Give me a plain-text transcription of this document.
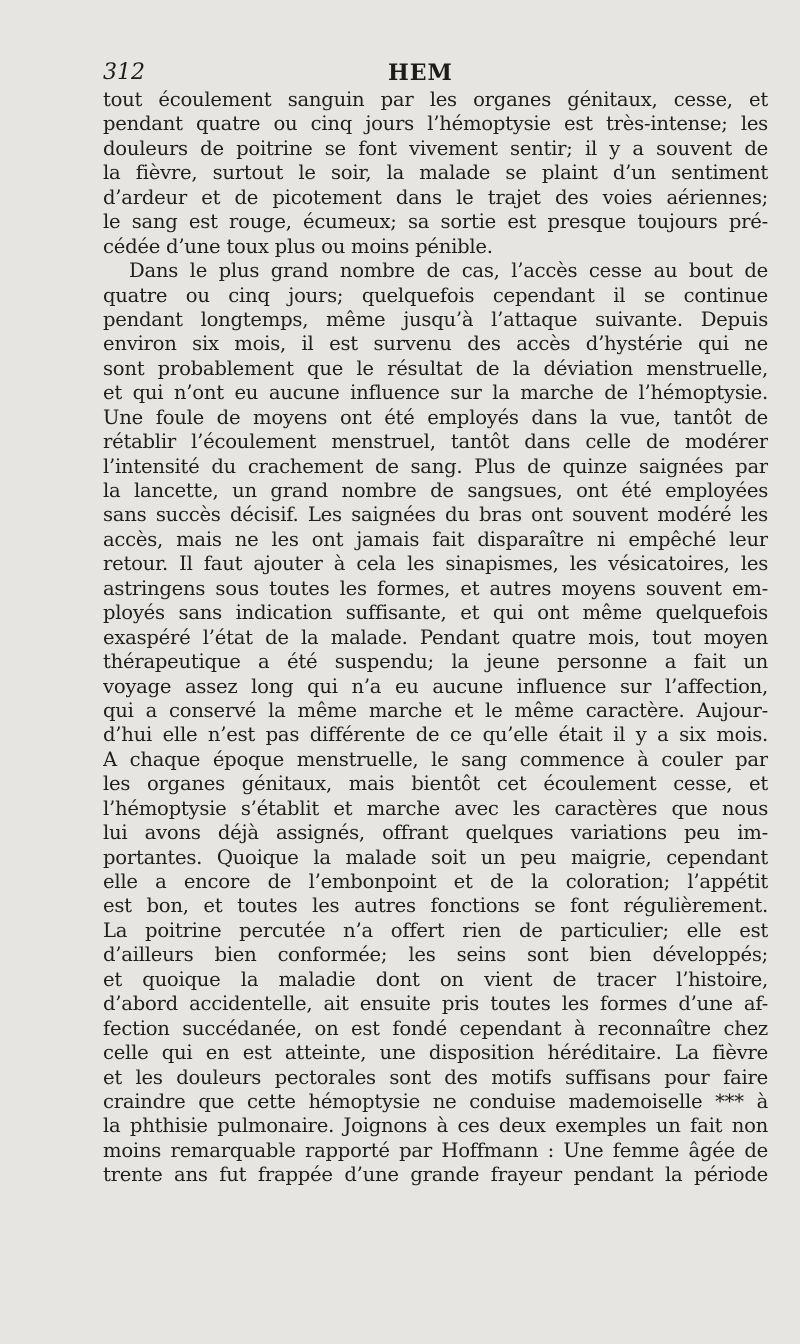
312	HEM
tout écoulement sanguin par les organes génitaux, cesse, et
pendant quatre ou cinq jours l’hémoptysie est très-intense; les
douleurs de poitrine se font vivement sentir; il y a souvent de
la fièvre, surtout le soir, la malade se plaint d’un sentiment
d’ardeur et de picotement dans le trajet des voies aériennes;
le sang est rouge, écumeux; sa sortie est presque toujours pré-
cédée d’une toux plus ou moins pénible.
Dans le plus grand nombre de cas, l’accès cesse au bout de
quatre ou cinq jours; quelquefois cependant il se continue
pendant longtemps, même jusqu’à l’attaque suivante. Depuis
environ six mois, il est survenu des accès d’hystérie qui ne
sont probablement que le résultat de la déviation menstruelle,
et qui n’ont eu aucune influence sur la marche de l’hémoptysie.
Une foule de moyens ont été employés dans la vue, tantôt de
rétablir l’écoulement menstruel, tantôt dans celle de modérer
l’intensité du crachement de sang. Plus de quinze saignées par
la lancette, un grand nombre de sangsues, ont été employées
sans succès décisif. Les saignées du bras ont souvent modéré les
accès, mais ne les ont jamais fait disparaître ni empêché leur
retour. Il faut ajouter à cela les sinapismes, les vésicatoires, les
astringens sous toutes les formes, et autres moyens souvent em-
ployés sans indication suffisante, et qui ont même quelquefois
exaspéré l’état de la malade. Pendant quatre mois, tout moyen
thérapeutique a été suspendu; la jeune personne a fait un
voyage assez long qui n’a eu aucune influence sur l’affection,
qui a conservé la même marche et le même caractère. Aujour-
d’hui elle n’est pas différente de ce qu’elle était il y a six mois.
A chaque époque menstruelle, le sang commence à couler par
les organes génitaux, mais bientôt cet écoulement cesse, et
l’hémoptysie s’établit et marche avec les caractères que nous
lui avons déjà assignés, offrant quelques variations peu im-
portantes. Quoique la malade soit un peu maigrie, cependant
elle a encore de l’embonpoint et de la coloration; l’appétit
est bon, et toutes les autres fonctions se font régulièrement.
La poitrine percutée n’a offert rien de particulier; elle est
d’ailleurs bien conformée; les seins sont bien développés;
et quoique la maladie dont on vient de tracer l’histoire,
d’abord accidentelle, ait ensuite pris toutes les formes d’une af-
fection succédanée, on est fondé cependant à reconnaître chez
celle qui en est atteinte, une disposition héréditaire. La fièvre
et les douleurs pectorales sont des motifs suffisans pour faire
craindre que cette hémoptysie ne conduise mademoiselle *** à
la phthisie pulmonaire. Joignons à ces deux exemples un fait non
moins remarquable rapporté par Hoffmann : Une femme âgée de
trente ans fut frappée d’une grande frayeur pendant la période
